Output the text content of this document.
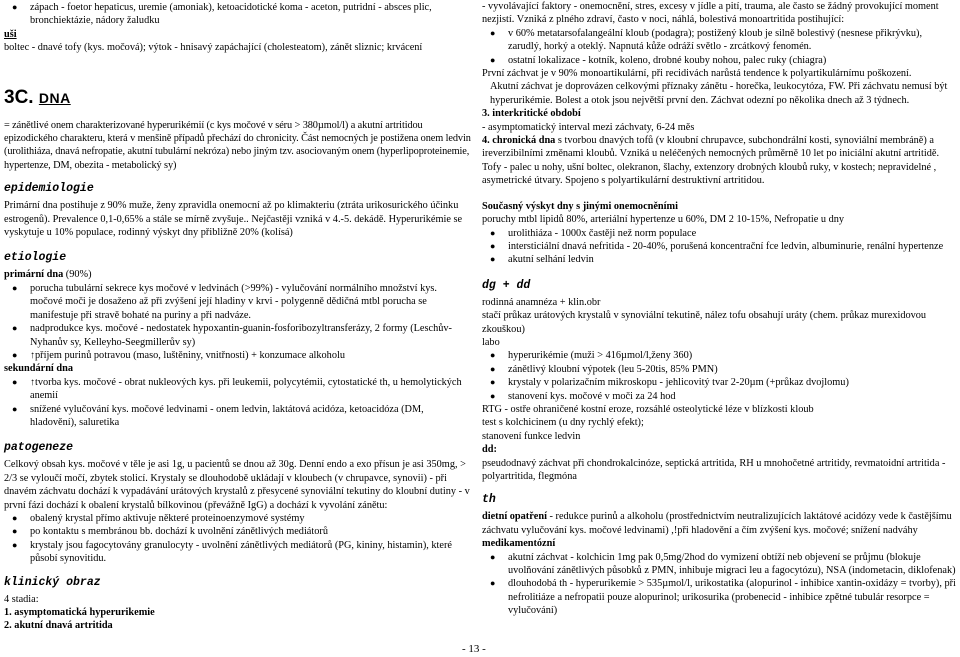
● zápach - foetor hepaticus, uremie (amoniak), ketoacidotické koma - aceton, putridní - absces plic, bronchiektázie, nádory žaludku

uši

boltec - dnavé tofy (kys. močová); výtok - hnisavý zapáchající (cholesteatom), zánět sliznic; krvácení

3C. DNA

= zánětlivé onem charakterizované hyperurikémií (c kys močové v séru > 380µmol/l) a akutní artritidou epizodického charakteru, která v menšině případů přechází do chronicity. Část nemocných je postižena onem ledvin (urolithiáza, dnavá nefropatie, akutní tubulární nekróza) nebo jiným tzv. asociovaným onem (hyperlipoproteinemie, hypertenze, DM, obezita - metabolický sy)

epidemiologie

Primární dna postihuje z 90% muže, ženy zpravidla onemocní až po klimakteriu (ztráta urikosurického účinku estrogenů). Prevalence 0,1-0,65% a stále se mírně zvyšuje.. Nejčastěji vzniká v 4.-5. dekádě. Hyperurikémie se vyskytuje u 10% populace, rodinný výskyt dny přibližně 20% (kolísá)

etiologie

primární dna (90%)

● porucha tubulární sekrece kys močové v ledvinách (>99%) - vylučování normálního množství kys. močové moči je dosaženo až při zvýšení její hladiny v krvi - polygenně dědičná mtbl porucha se manifestuje při stravě bohaté na puriny a při nadváze.
● nadprodukce kys. močové - nedostatek hypoxantin-guanin-fosforibozyltransferázy, 2 formy (Leschův-Nyhanův sy, Kelleyho-Seegmillerův sy)
● ↑příjem purinů potravou (maso, luštěniny, vnitřnosti) + konzumace alkoholu

sekundární dna

● ↑tvorba kys. močové - obrat nukleových kys. při leukemii, polycytémii, cytostatické th, u hemolytických anemií
● snížené vylučování kys. močové ledvinami - onem ledvin, laktátová acidóza, ketoacidóza (DM, hladovění), saluretika

patogeneze

Celkový obsah kys. močové v těle je asi 1g, u pacientů se dnou až 30g. Denní endo a exo přísun je asi 350mg, > 2/3 se vyloučí močí, zbytek stolicí. Krystaly se dlouhodobě ukládají v kloubech (v chrupavce, synovii) - při dnavém záchvatu dochází k vypadávání urátových krystalů z přesycené synoviální tekutiny do kloubní dutiny - v první fázi dochází k obalení krystalů bílkovinou (převážně IgG) a dochází k vyvolání zánětu:

● obalený krystal přímo aktivuje některé proteinoenzymové systémy
● po kontaktu s membránou bb. dochází k uvolnění zánětlivých mediátorů
● krystaly jsou fagocytovány granulocyty - uvolnění zánětlivých mediátorů (PG, kininy, histamin), které působí synovitidu.

klinický obraz

4 stadia:

1. asymptomatická hyperurikemie

2. akutní dnavá artritida

- vyvolávající faktory - onemocnění, stres, excesy v jídle a pití, trauma, ale často se žádný provokující moment nezjistí. Vzniká z plného zdraví, často v noci, náhlá, bolestivá monoartritida postihující:

● v 60% metatarsofalangeální kloub (podagra); postižený kloub je silně bolestivý (nesnese přikrývku), zarudlý, horký a oteklý. Napnutá kůže odráží světlo - zrcátkový fenomén.
● ostatní lokalizace - kotník, koleno, drobné kouby nohou, palec ruky (chiagra)

První záchvat je v 90% monoartikulární, při recidivách narůstá tendence k polyartikulárnímu poškození.

Akutní záchvat je doprovázen celkovými příznaky zánětu - horečka, leukocytóza, FW. Při záchvatu nemusí být hyperurikémie. Bolest a otok jsou největší první den. Záchvat odezní po několika dnech až 3 týdnech.

3. interkritické období

- asymptomatický interval mezi záchvaty, 6-24 měs

4. chronická dna s tvorbou dnavých tofů (v kloubní chrupavce, subchondrální kosti, synoviální membráně) a ireverzibilními změnami kloubů. Vzniká u neléčených nemocných průměrně 10 let po iniciální akutní artritidě. Tofy - palec u nohy, ušní boltec, olekranon, šlachy, extenzory drobných kloubů ruky, v kostech; nepravidelné , asymetrické útvary. Spojeno s polyartikulární destruktivní artritidou.

Současný výskyt dny s jinými onemocněními

poruchy mtbl lipidů 80%, arteriální hypertenze u 60%, DM 2 10-15%, Nefropatie u dny

● urolithiáza - 1000x častěji než norm populace
● intersticiální dnavá nefritida - 20-40%, porušená koncentrační fce ledvin, albuminurie, renální hypertenze
● akutní selhání ledvin

dg + dd

rodinná anamnéza + klin.obr

stačí průkaz urátových krystalů v synoviální tekutině, nález tofu obsahují uráty (chem. průkaz murexidovou zkouškou)

labo

● hyperurikémie (muži > 416µmol/l,ženy 360)
● zánětlivý kloubní výpotek (leu 5-20tis, 85% PMN)
● krystaly v polarizačním mikroskopu - jehlicovitý tvar 2-20µm (+průkaz dvojlomu)
● stanovení kys. močové v moči za 24 hod

RTG - ostře ohraničené kostní eroze, rozsáhlé osteolytické léze v blízkosti kloub

test s kolchicinem (u dny rychlý efekt);

stanovení funkce ledvin

dd:

pseudodnavý záchvat při chondrokalcinóze, septická artritida, RH u mnohočetné artritidy, revmatoidní artritida - polyartritida, flegmóna

th

dietní opatření - redukce purinů a alkoholu (prostřednictvím neutralizujících laktátové acidózy vede k častějšímu záchvatu vylučování kys. močové ledvinami) ,!při hladovění a čím zvýšení kys. močové; snížení nadváhy

medikamentózní

● akutní záchvat - kolchicin 1mg pak 0,5mg/2hod do vymizení obtíží neb objevení se průjmu (blokuje uvolňování zánětlivých působků z PMN, inhibuje migraci leu a fagocytózu), NSA (indometacin, diklofenak)
● dlouhodobá th - hyperurikemie > 535µmol/l, urikostatika (alopurinol - inhibice xantin-oxidázy = tvorby), při nefrolitiáze a nefropatii pouze alopurinol; urikosurika (probenecid - inhibice zpětné tubulár resorpce = vylučování)
- 13 -
